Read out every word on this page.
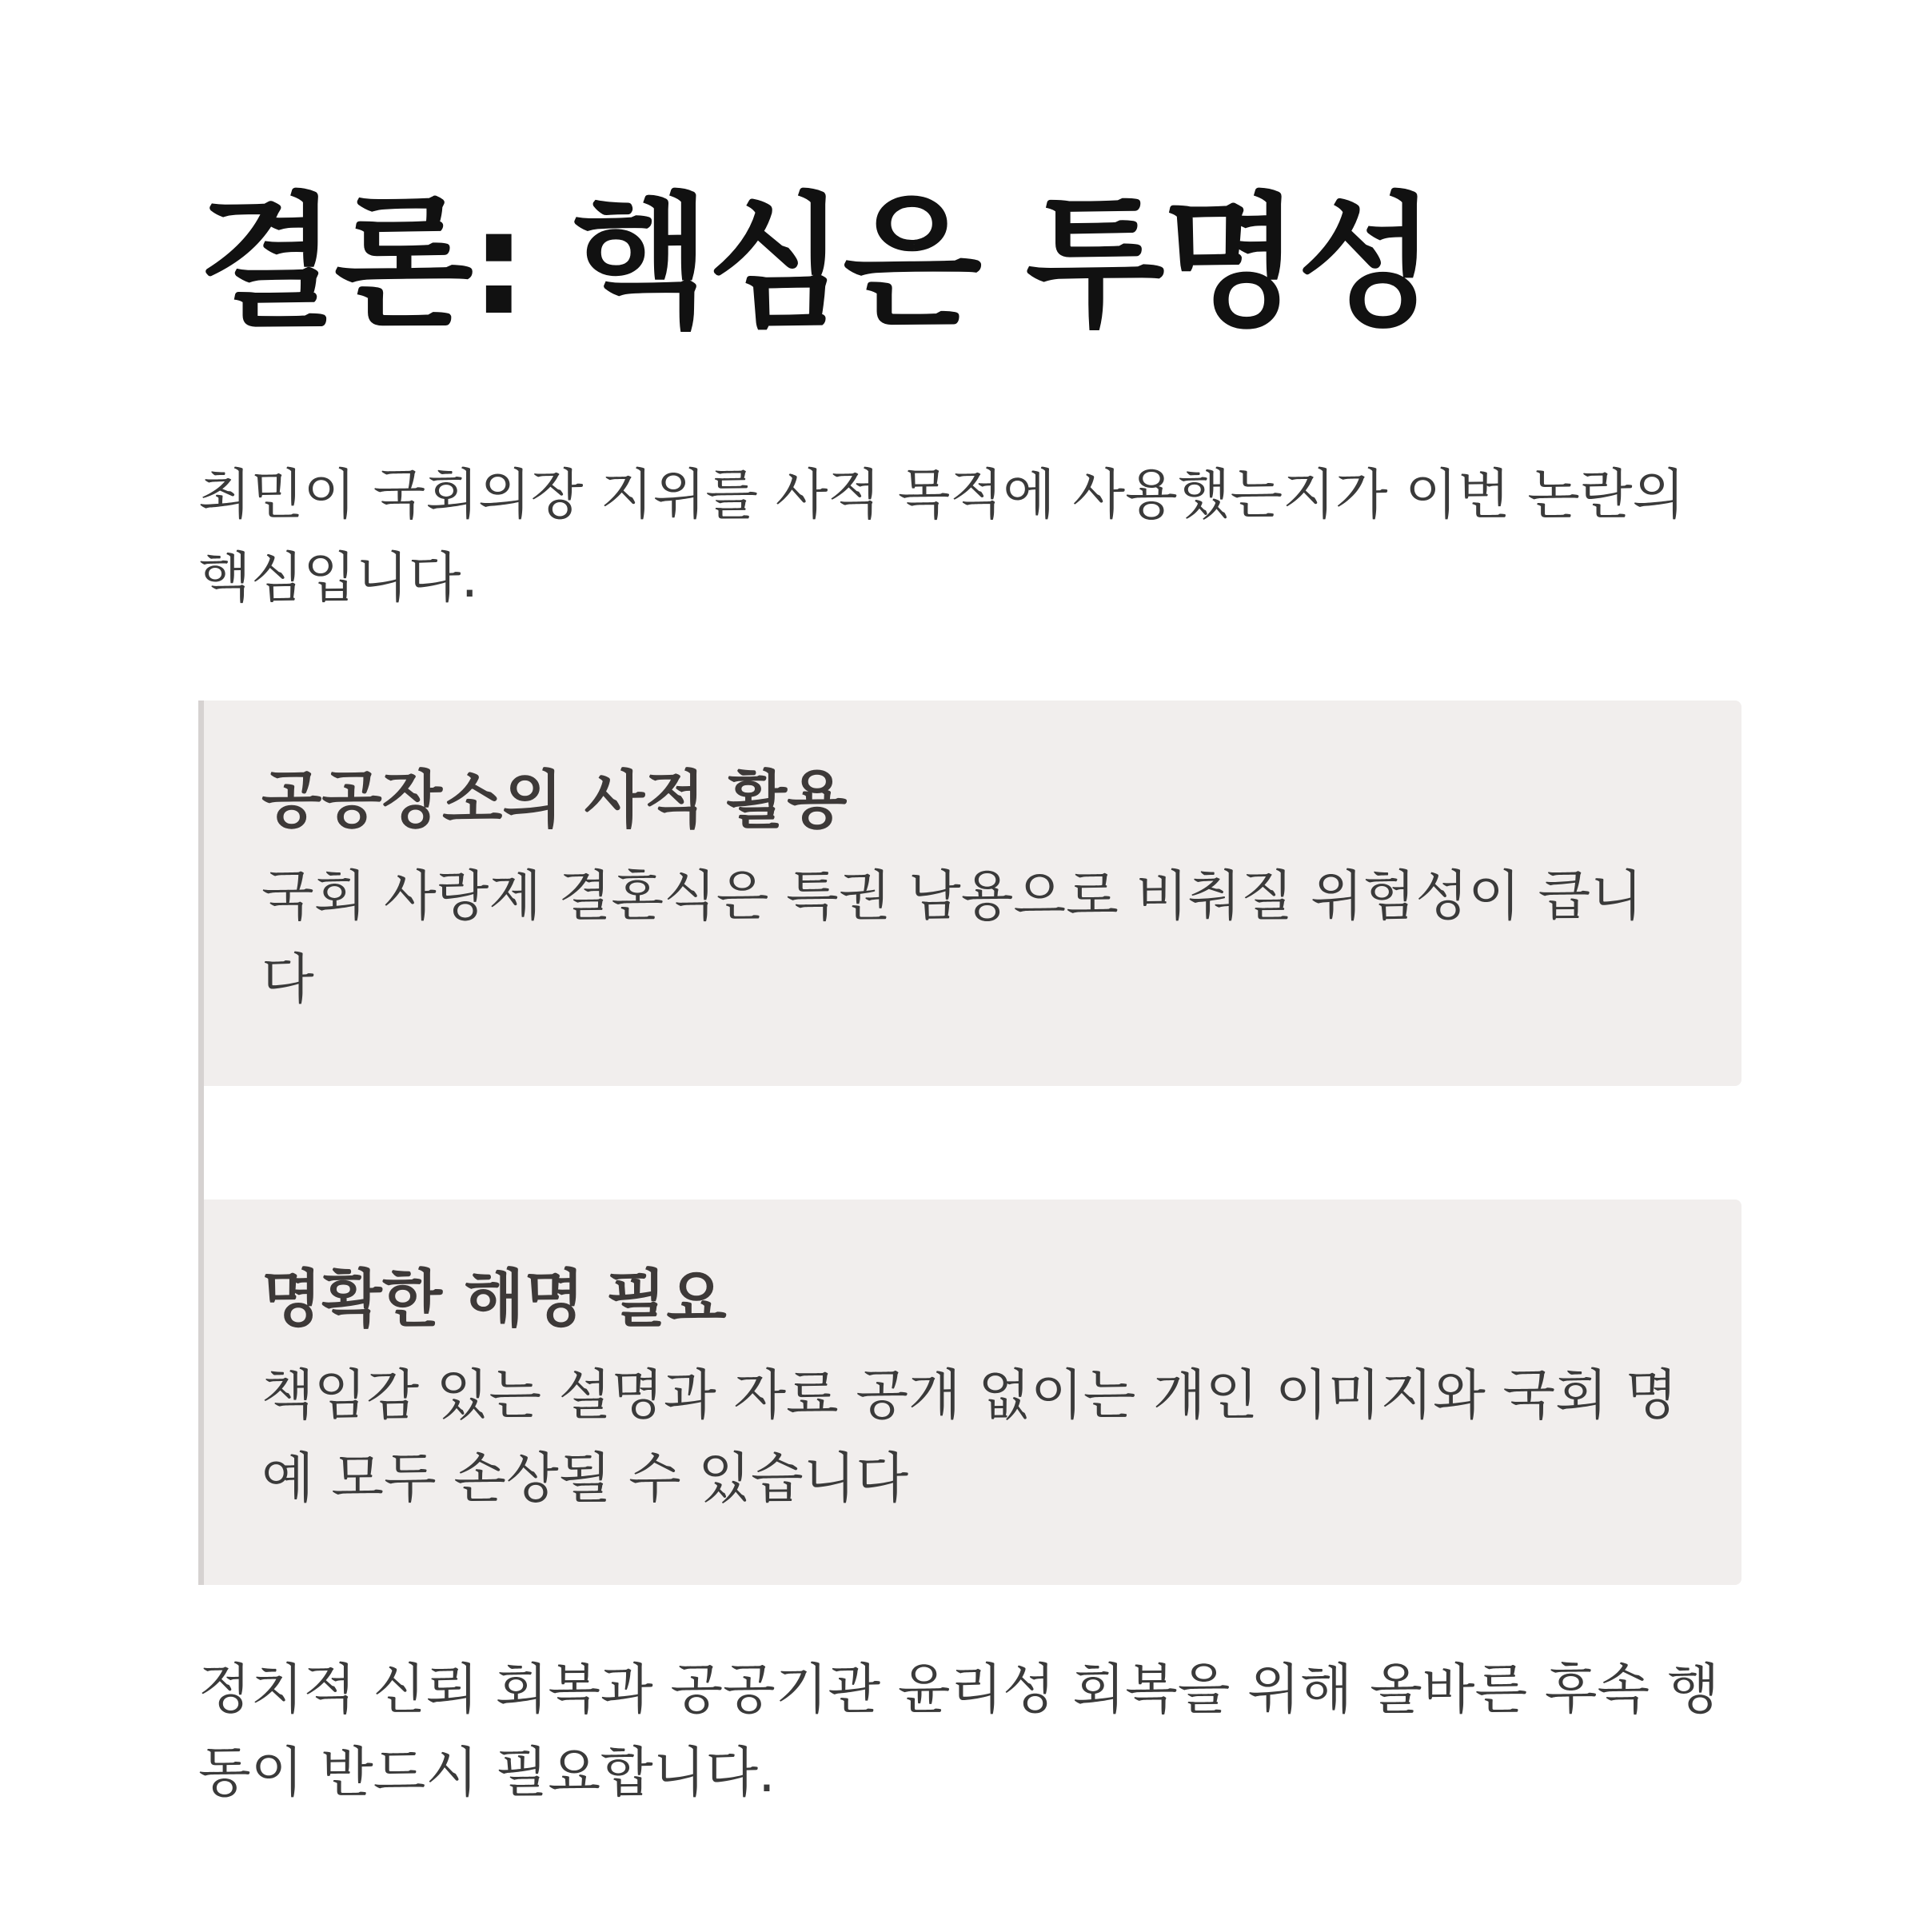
결론: 핵심은 투명성

최민이 국회의장 지위를 사적 목적에 사용했는지가 이번 논란의 핵심입니다.

공공장소의 사적 활용

국회 사랑제 결혼식은 특권 남용으로 비춰질 위험성이 큽니다

명확한 해명 필요

책임감 있는 설명과 자료 공개 없이는 개인 이미지와 국회 명예 모두 손상될 수 있습니다

정치적 신뢰 회복과 공공기관 윤리성 회복을 위해 올바른 후속 행동이 반드시 필요합니다.
